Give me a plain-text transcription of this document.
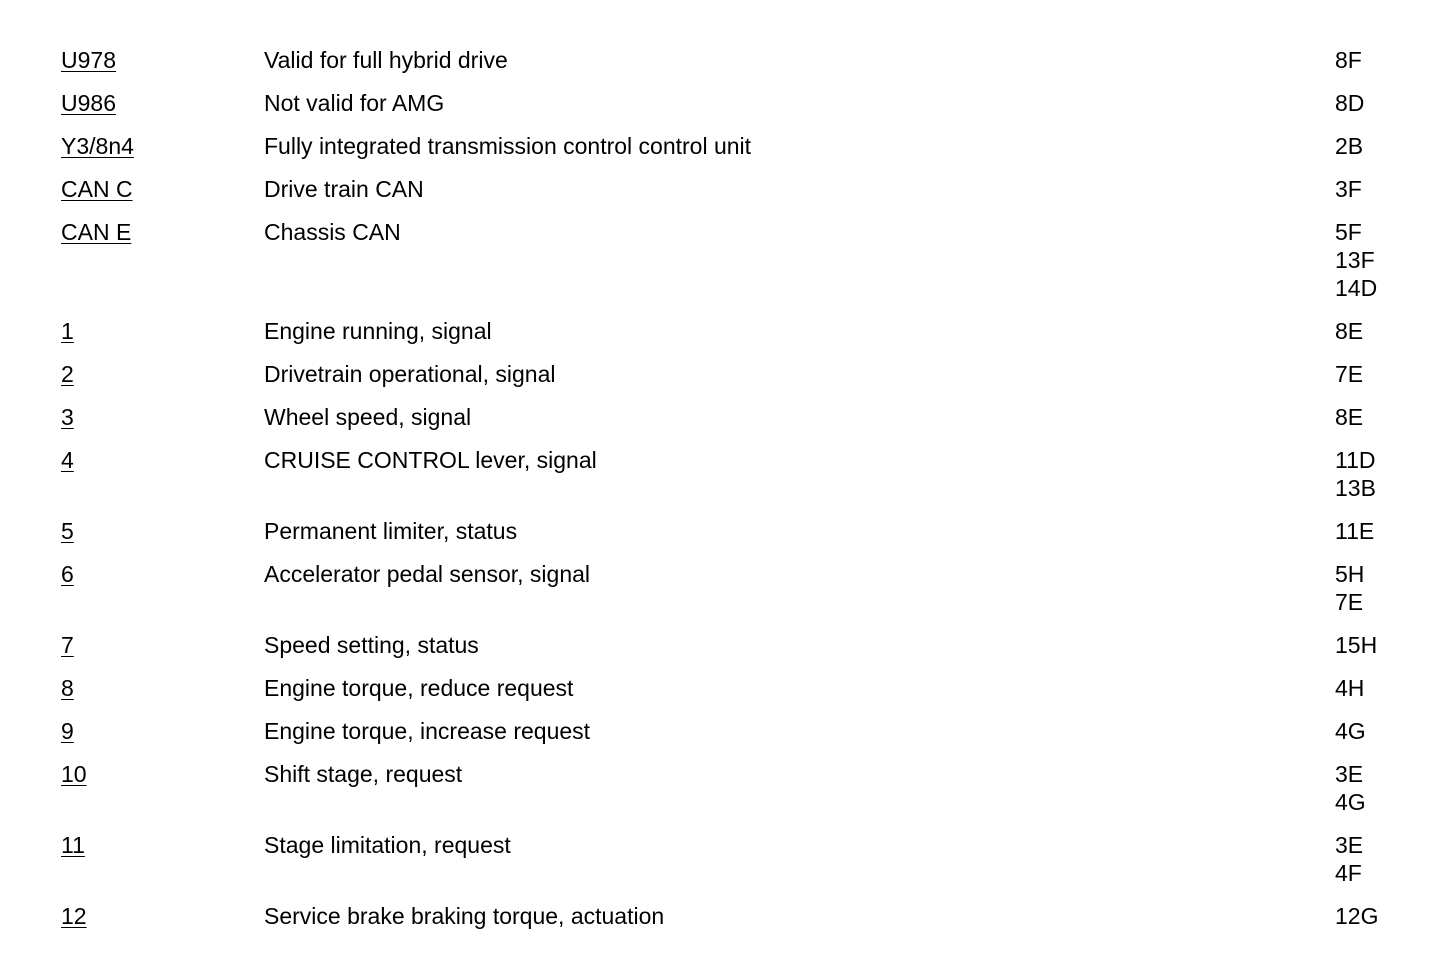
U978	Valid for full hybrid drive	8F
U986	Not valid for AMG	8D
Y3/8n4	Fully integrated transmission control control unit	2B
CAN C	Drive train CAN	3F
CAN E	Chassis CAN	5F
13F
14D
1	Engine running, signal	8E
2	Drivetrain operational, signal	7E
3	Wheel speed, signal	8E
4	CRUISE CONTROL lever, signal	11D
13B
5	Permanent limiter, status	11E
6	Accelerator pedal sensor, signal	5H
7E
7	Speed setting, status	15H
8	Engine torque, reduce request	4H
9	Engine torque, increase request	4G
10	Shift stage, request	3E
4G
11	Stage limitation, request	3E
4F
12	Service brake braking torque, actuation	12G
